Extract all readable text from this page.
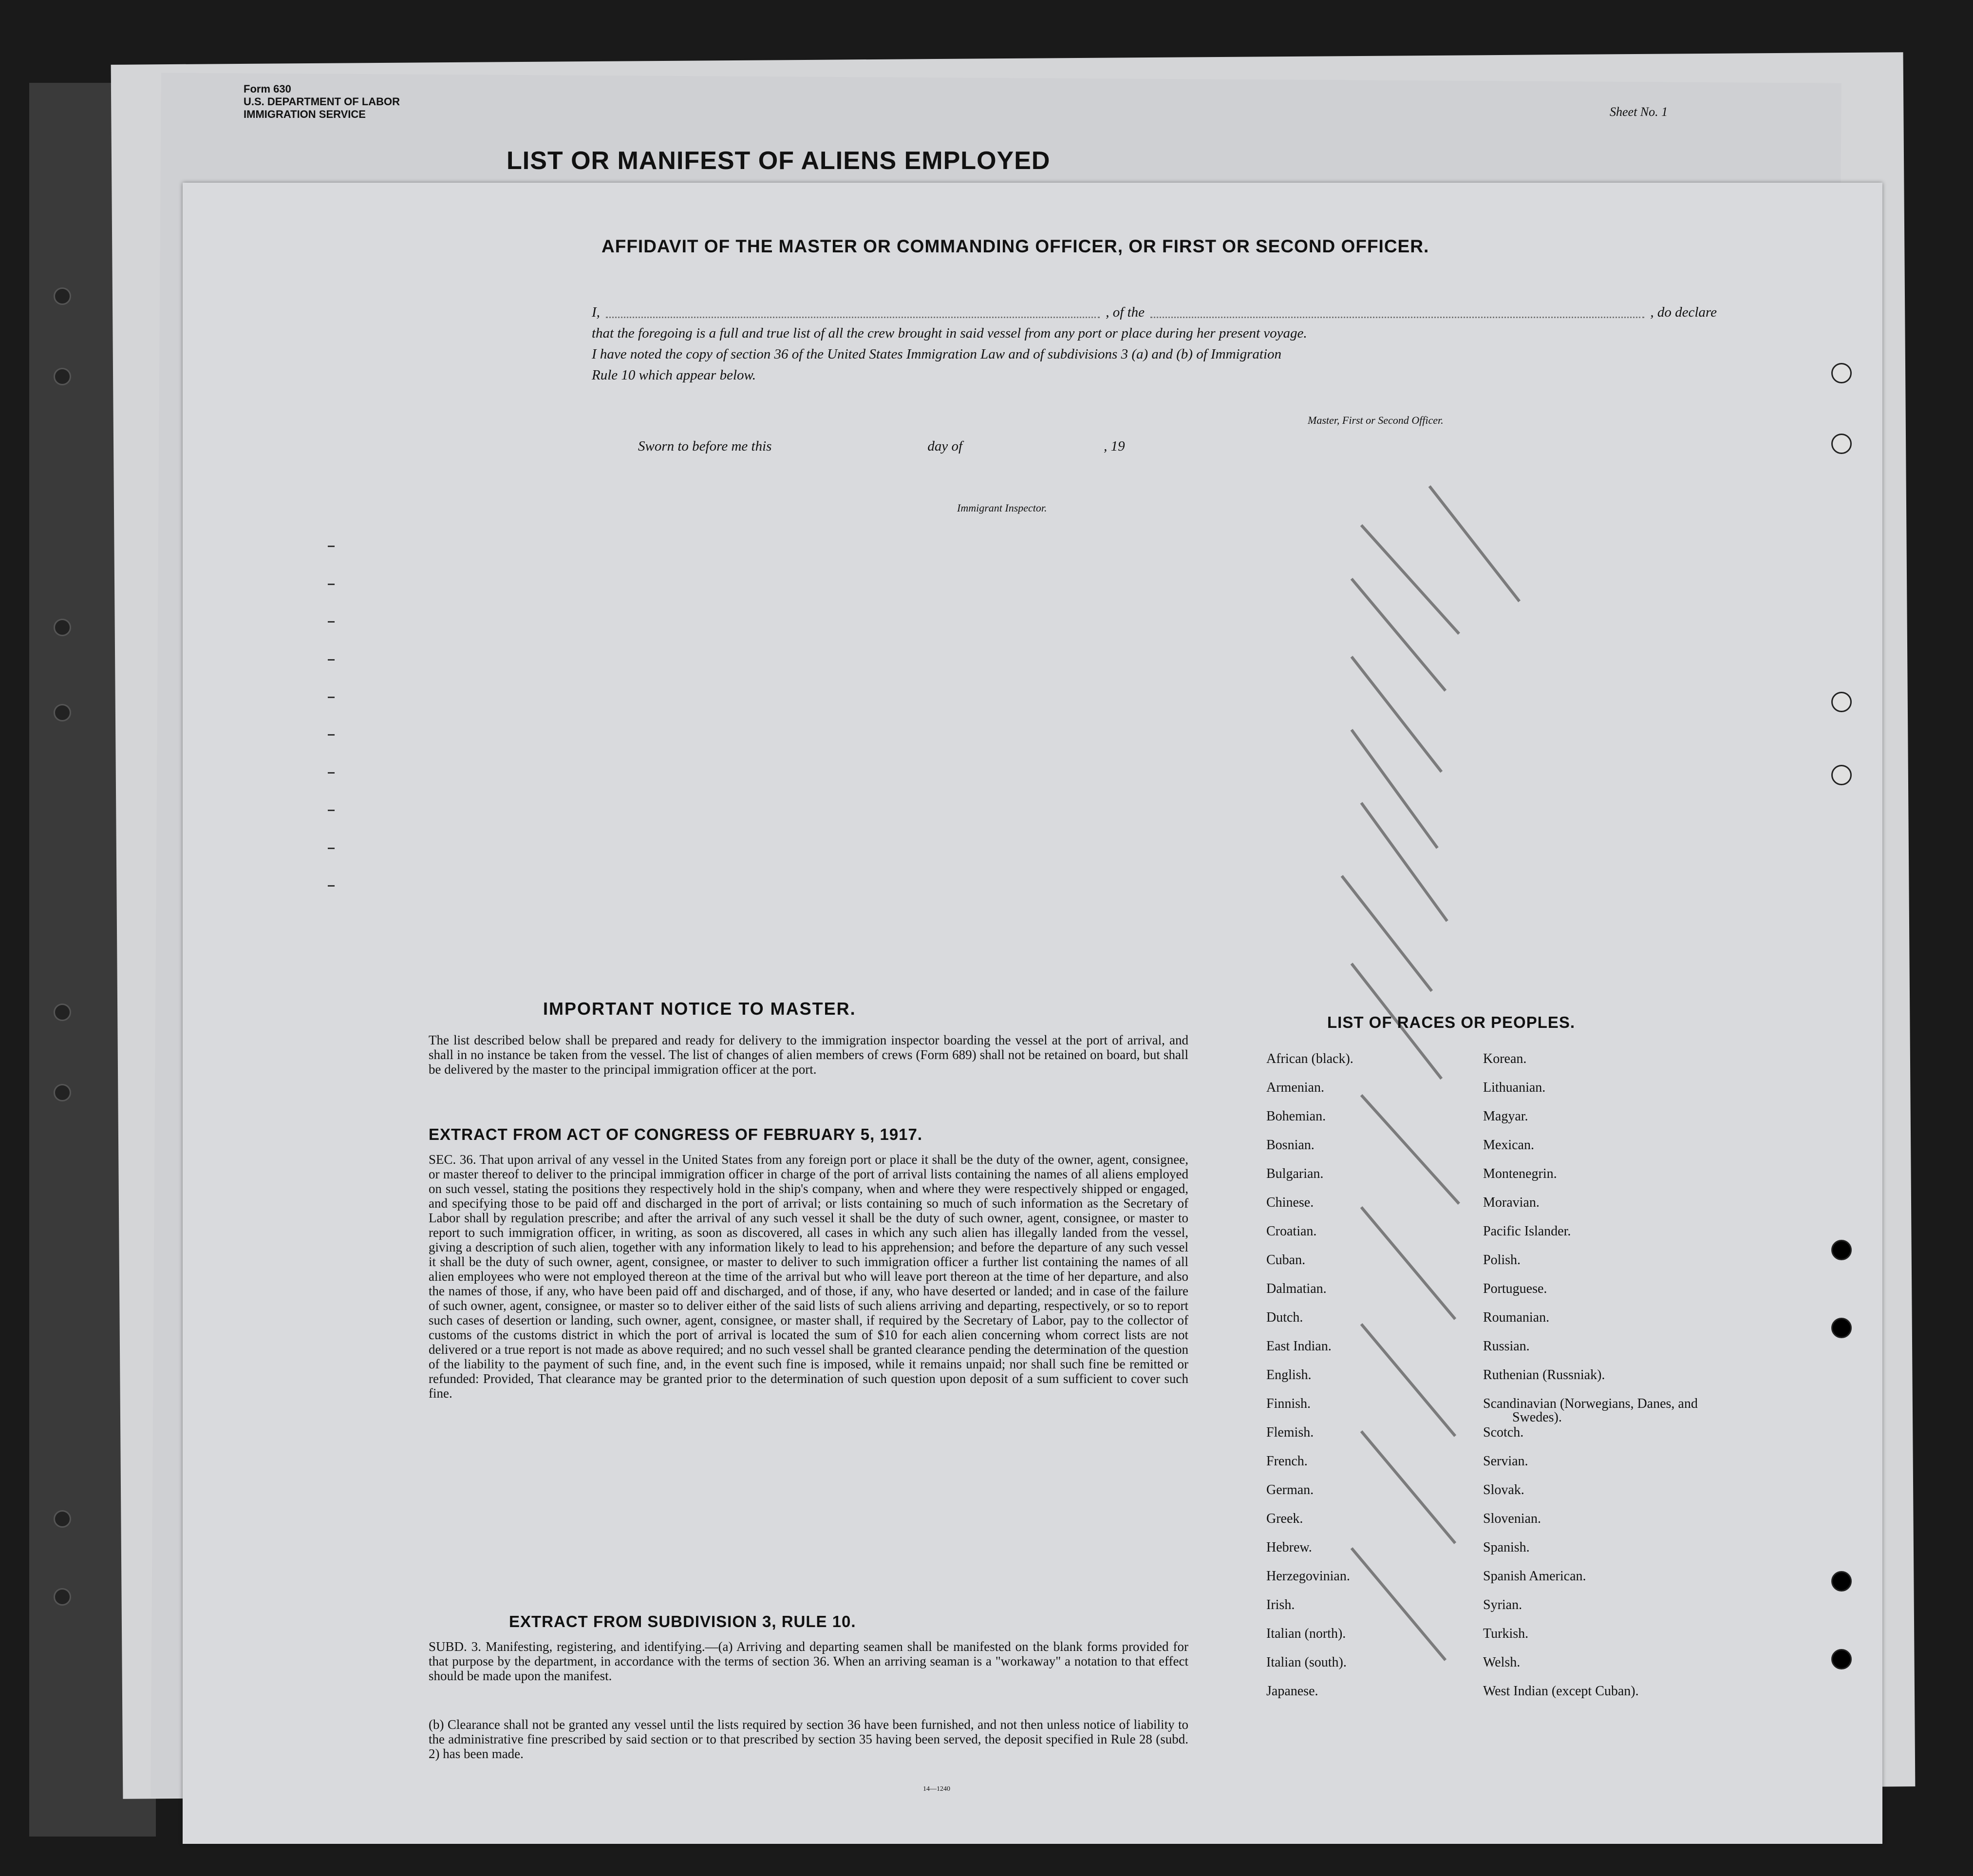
Form 630
U.S. DEPARTMENT OF LABOR
IMMIGRATION SERVICE	Sheet No. 1
LIST OR MANIFEST OF ALIENS EMPLOYED
AFFIDAVIT OF THE MASTER OR COMMANDING OFFICER, OR FIRST OR SECOND OFFICER.
I,	, of the	, do declare
that the foregoing is a full and true list of all the crew brought in said vessel from any port or place during her present voyage.
I have noted the copy of section 36 of the United States Immigration Law and of subdivisions 3 (a) and (b) of Immigration
Rule 10 which appear below.
Master, First or Second Officer.
Sworn to before me this	day of	, 19
Immigrant Inspector.
IMPORTANT NOTICE TO MASTER.
The list described below shall be prepared and ready for delivery to the immigration inspector boarding the vessel at the port of arrival, and shall in no instance be taken from the vessel. The list of changes of alien members of crews (Form 689) shall not be retained on board, but shall be delivered by the master to the principal immigration officer at the port.
EXTRACT FROM ACT OF CONGRESS OF FEBRUARY 5, 1917.
SEC. 36. That upon arrival of any vessel in the United States from any foreign port or place it shall be the duty of the owner, agent, consignee, or master thereof to deliver to the principal immigration officer in charge of the port of arrival lists containing the names of all aliens employed on such vessel, stating the positions they respectively hold in the ship's company, when and where they were respectively shipped or engaged, and specifying those to be paid off and discharged in the port of arrival; or lists containing so much of such information as the Secretary of Labor shall by regulation prescribe; and after the arrival of any such vessel it shall be the duty of such owner, agent, consignee, or master to report to such immigration officer, in writing, as soon as discovered, all cases in which any such alien has illegally landed from the vessel, giving a description of such alien, together with any information likely to lead to his apprehension; and before the departure of any such vessel it shall be the duty of such owner, agent, consignee, or master to deliver to such immigration officer a further list containing the names of all alien employees who were not employed thereon at the time of the arrival but who will leave port thereon at the time of her departure, and also the names of those, if any, who have been paid off and discharged, and of those, if any, who have deserted or landed; and in case of the failure of such owner, agent, consignee, or master so to deliver either of the said lists of such aliens arriving and departing, respectively, or so to report such cases of desertion or landing, such owner, agent, consignee, or master shall, if required by the Secretary of Labor, pay to the collector of customs of the customs district in which the port of arrival is located the sum of $10 for each alien concerning whom correct lists are not delivered or a true report is not made as above required; and no such vessel shall be granted clearance pending the determination of the question of the liability to the payment of such fine, and, in the event such fine is imposed, while it remains unpaid; nor shall such fine be remitted or refunded: Provided, That clearance may be granted prior to the determination of such question upon deposit of a sum sufficient to cover such fine.
EXTRACT FROM SUBDIVISION 3, RULE 10.
SUBD. 3. Manifesting, registering, and identifying.—(a) Arriving and departing seamen shall be manifested on the blank forms provided for that purpose by the department, in accordance with the terms of section 36. When an arriving seaman is a "workaway" a notation to that effect should be made upon the manifest.
(b) Clearance shall not be granted any vessel until the lists required by section 36 have been furnished, and not then unless notice of liability to the administrative fine prescribed by said section or to that prescribed by section 35 having been served, the deposit specified in Rule 28 (subd. 2) has been made.
14—1240
LIST OF RACES OR PEOPLES.
African (black).
Armenian.
Bohemian.
Bosnian.
Bulgarian.
Chinese.
Croatian.
Cuban.
Dalmatian.
Dutch.
East Indian.
English.
Finnish.
Flemish.
French.
German.
Greek.
Hebrew.
Herzegovinian.
Irish.
Italian (north).
Italian (south).
Japanese.
Korean.
Lithuanian.
Magyar.
Mexican.
Montenegrin.
Moravian.
Pacific Islander.
Polish.
Portuguese.
Roumanian.
Russian.
Ruthenian (Russniak).
Scandinavian (Norwegians, Danes, and Swedes).
Scotch.
Servian.
Slovak.
Slovenian.
Spanish.
Spanish American.
Syrian.
Turkish.
Welsh.
West Indian (except Cuban).
